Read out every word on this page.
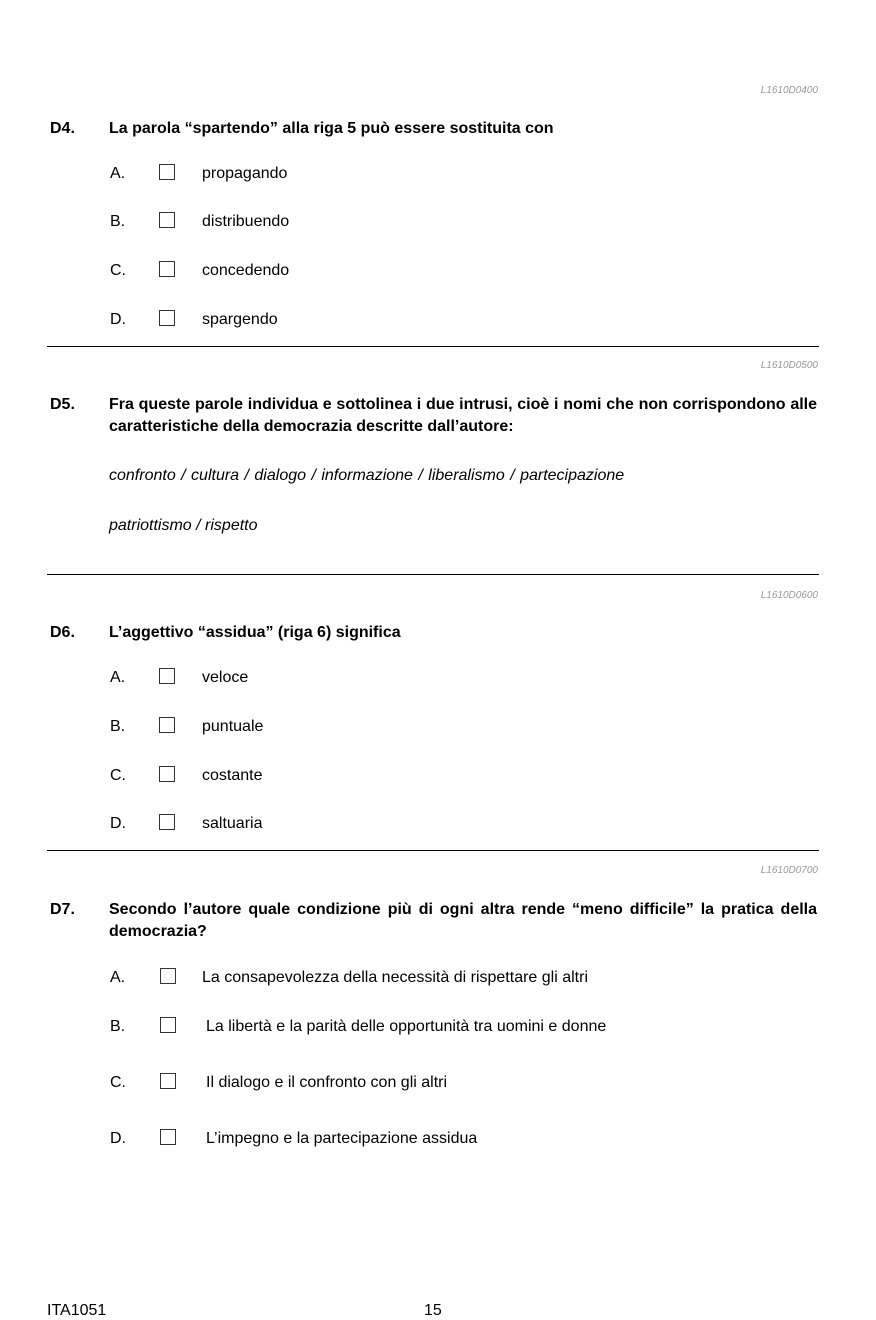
L1610D0400
D4. La parola “spartendo” alla riga 5 può essere sostituita con
A.	propagando
B.	distribuendo
C.	concedendo
D.	spargendo
L1610D0500
D5. Fra queste parole individua e sottolinea i due intrusi, cioè i nomi che non corrispondono alle caratteristiche della democrazia descritte dall’autore:
confronto / cultura / dialogo / informazione / liberalismo / partecipazione
patriottismo / rispetto
L1610D0600
D6. L’aggettivo “assidua” (riga 6) significa
A.	veloce
B.	puntuale
C.	costante
D.	saltuaria
L1610D0700
D7. Secondo l’autore quale condizione più di ogni altra rende “meno difficile” la pratica della democrazia?
A.	La consapevolezza della necessità di rispettare gli altri
B.	La libertà e la parità delle opportunità tra uomini e donne
C.	Il dialogo e il confronto con gli altri
D.	L’impegno e la partecipazione assidua
ITA1051	15
